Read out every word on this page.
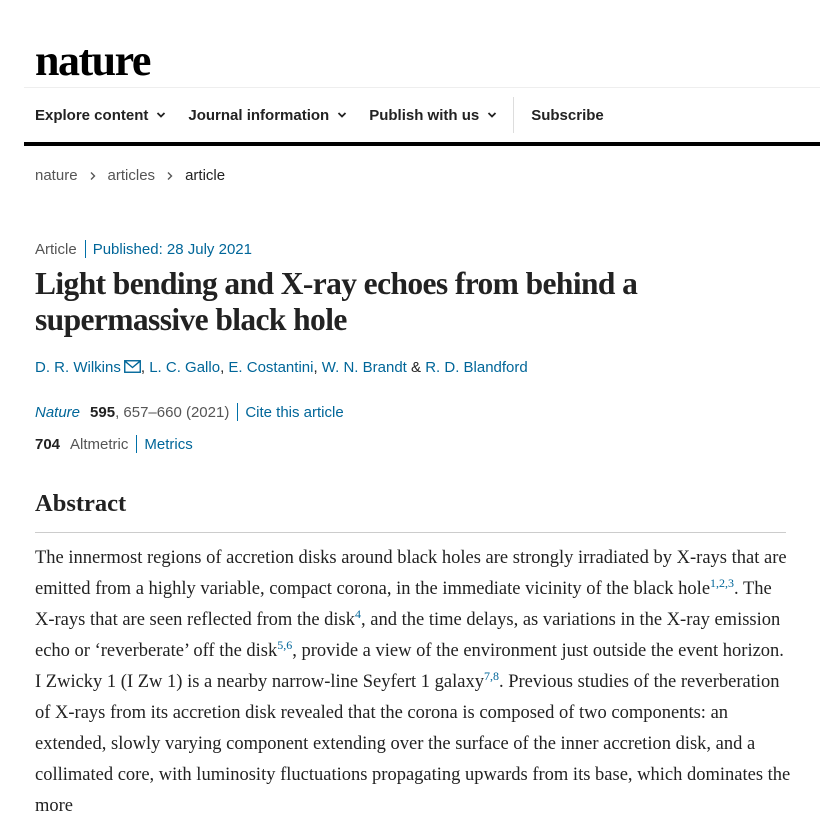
nature
Explore content	Journal information	Publish with us	Subscribe
nature articles article
Article Published: 28 July 2021
Light bending and X-ray echoes from behind a supermassive black hole
D. R. Wilkins , L. C. Gallo, E. Costantini, W. N. Brandt & R. D. Blandford
Nature 595 , 657–660 (2021) Cite this article
704 Altmetric Metrics
Abstract

The innermost regions of accretion disks around black holes are strongly irradiated by X-rays that are emitted from a highly variable, compact corona, in the immediate vicinity of the black hole$^{1,2,3}$. The X-rays that are seen reflected from the disk$^4$, and the time delays, as variations in the X-ray emission echo or ‘reverberate’ off the disk$^{5,6}$, provide a view of the environment just outside the event horizon. I Zwicky 1 (I Zw 1) is a nearby narrow-line Seyfert 1 galaxy$^{7,8}$. Previous studies of the reverberation of X-rays from its accretion disk revealed that the corona is composed of two components: an extended, slowly varying component extending over the surface of the inner accretion disk, and a collimated core, with luminosity fluctuations propagating upwards from its base, which dominates the more
